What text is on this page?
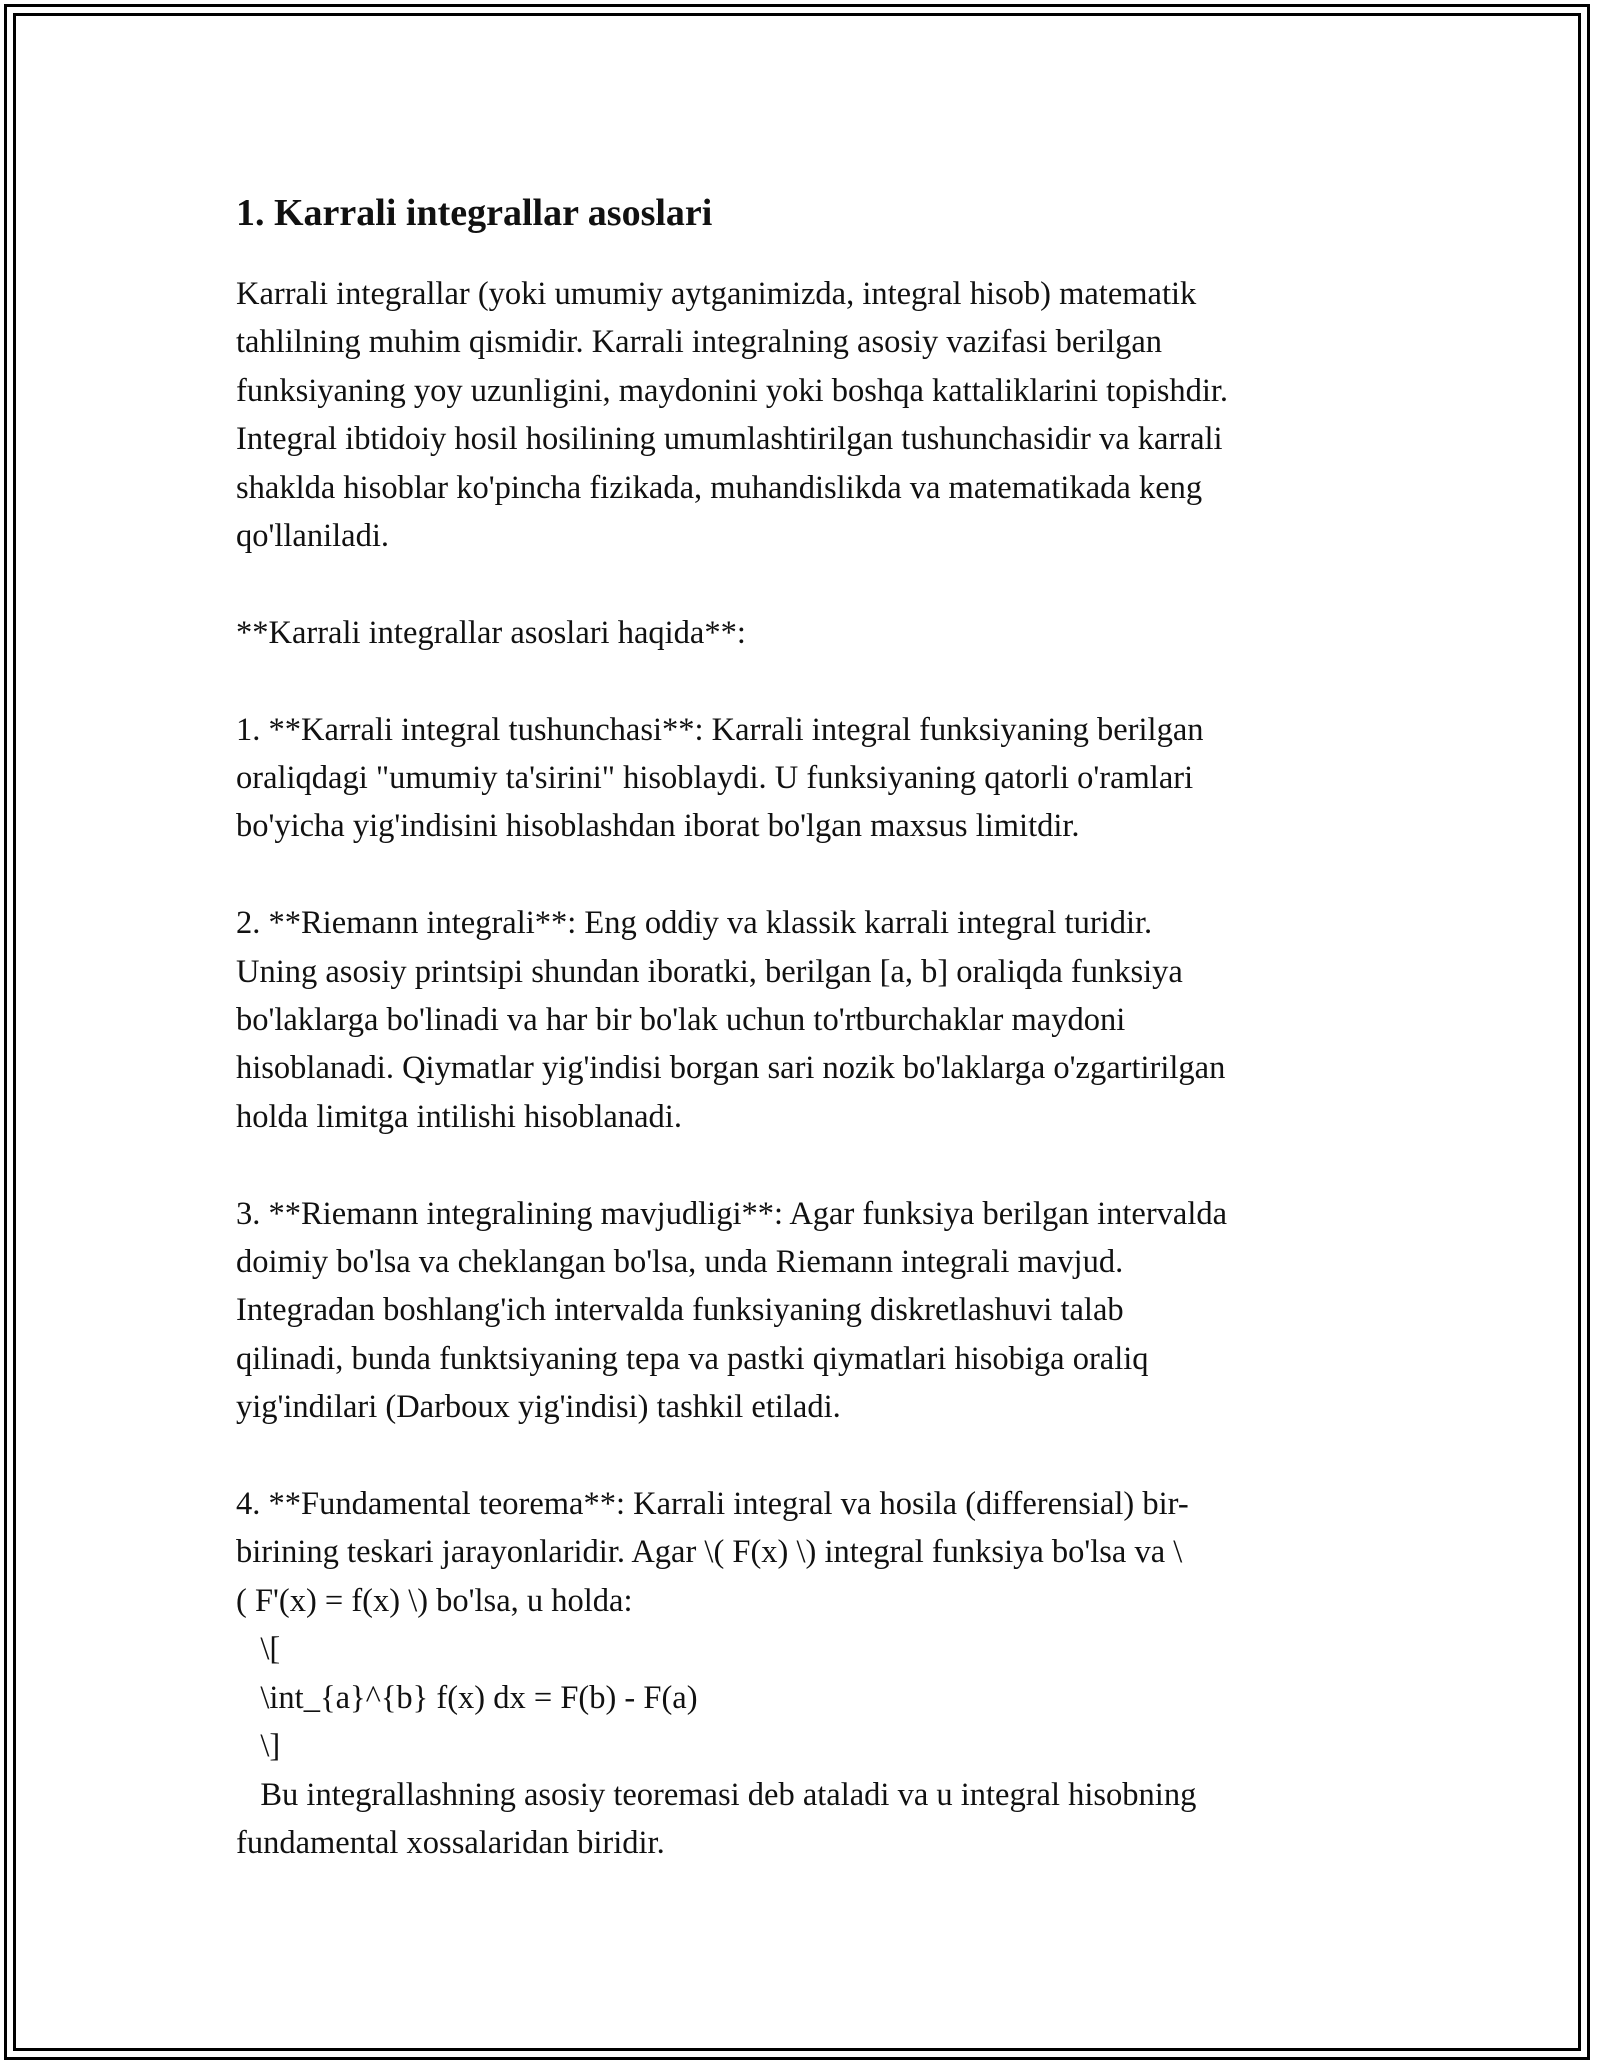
1. Karrali integrallar asoslari

Karrali integrallar (yoki umumiy aytganimizda, integral hisob) matematik

tahlilning muhim qismidir. Karrali integralning asosiy vazifasi berilgan

funksiyaning yoy uzunligini, maydonini yoki boshqa kattaliklarini topishdir.

Integral ibtidoiy hosil hosilining umumlashtirilgan tushunchasidir va karrali

shaklda hisoblar ko'pincha fizikada, muhandislikda va matematikada keng

qo'llaniladi.

**Karrali integrallar asoslari haqida**:

1. **Karrali integral tushunchasi**: Karrali integral funksiyaning berilgan

oraliqdagi "umumiy ta'sirini" hisoblaydi. U funksiyaning qatorli o'ramlari

bo'yicha yig'indisini hisoblashdan iborat bo'lgan maxsus limitdir.

2. **Riemann integrali**: Eng oddiy va klassik karrali integral turidir.

Uning asosiy printsipi shundan iboratki, berilgan [a, b] oraliqda funksiya

bo'laklarga bo'linadi va har bir bo'lak uchun to'rtburchaklar maydoni

hisoblanadi. Qiymatlar yig'indisi borgan sari nozik bo'laklarga o'zgartirilgan

holda limitga intilishi hisoblanadi.

3. **Riemann integralining mavjudligi**: Agar funksiya berilgan intervalda

doimiy bo'lsa va cheklangan bo'lsa, unda Riemann integrali mavjud.

Integradan boshlang'ich intervalda funksiyaning diskretlashuvi talab

qilinadi, bunda funktsiyaning tepa va pastki qiymatlari hisobiga oraliq

yig'indilari (Darboux yig'indisi) tashkil etiladi.

4. **Fundamental teorema**: Karrali integral va hosila (differensial) bir-

birining teskari jarayonlaridir. Agar \( F(x) \) integral funksiya bo'lsa va \

( F'(x) = f(x) \) bo'lsa, u holda:

\[

\int_{a}^{b} f(x) dx = F(b) - F(a)

\]

Bu integrallashning asosiy teoremasi deb ataladi va u integral hisobning

fundamental xossalaridan biridir.
